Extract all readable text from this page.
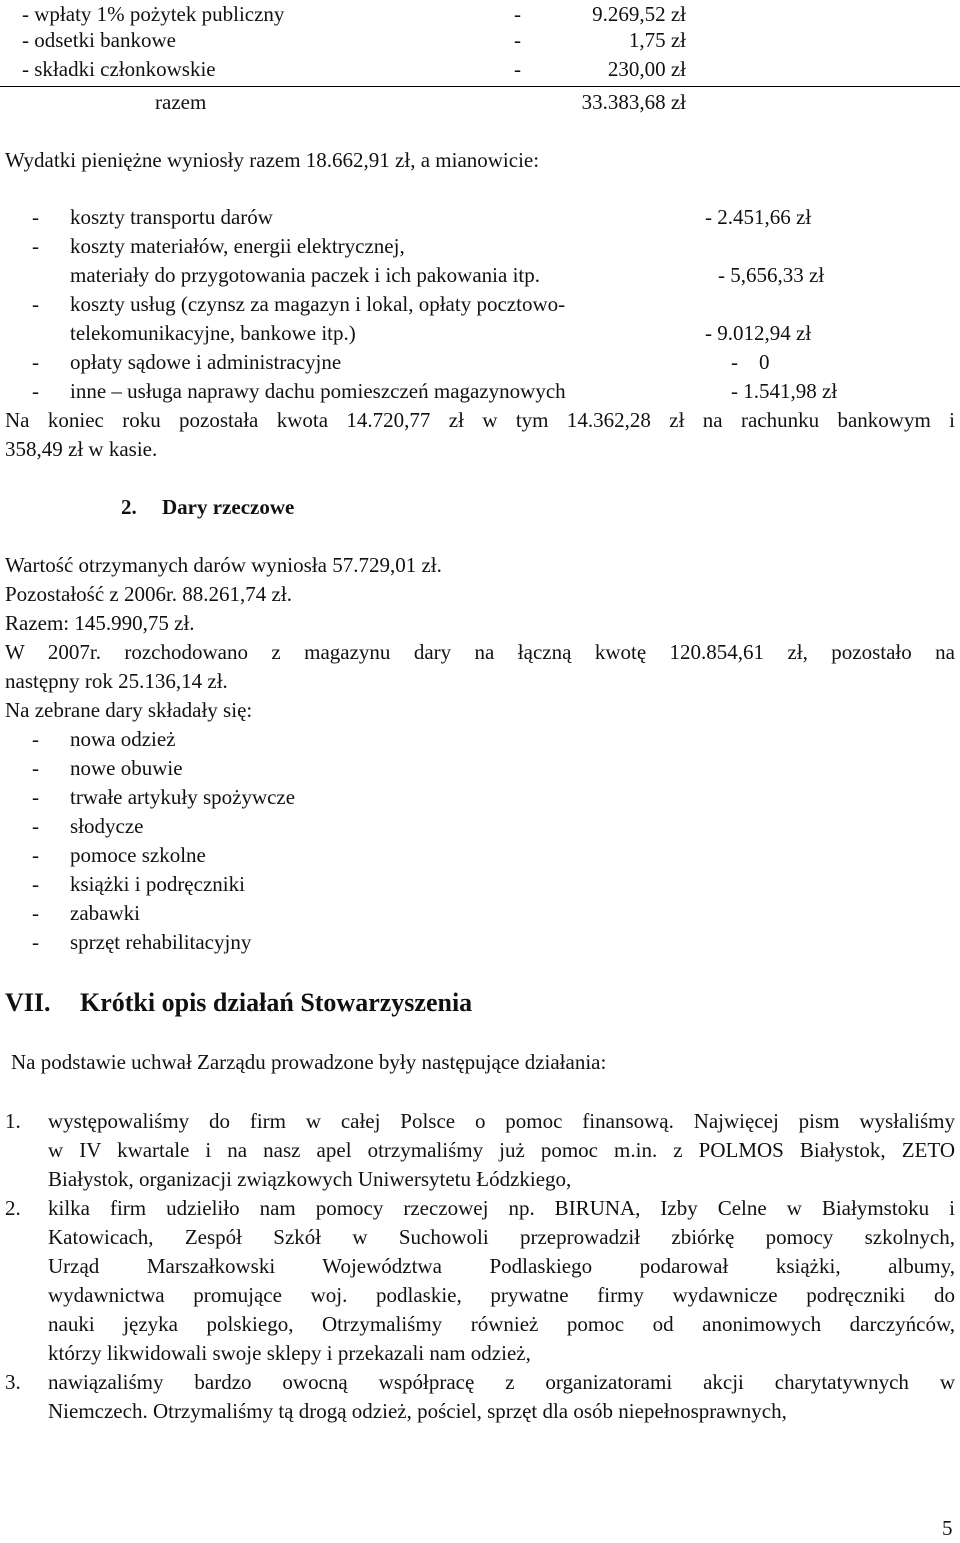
- wpłaty 1% pożytek publiczny	-	9.269,52 zł
- odsetki bankowe	-	1,75 zł
- składki członkowskie	-	230,00 zł
razem	33.383,68 zł
Wydatki pieniężne wyniosły razem 18.662,91 zł, a mianowicie:
- koszty transportu darów	- 2.451,66 zł
- koszty materiałów, energii elektrycznej,
materiały do przygotowania paczek i ich pakowania itp.	- 5,656,33 zł
- koszty usług (czynsz za magazyn i lokal, opłaty pocztowo-
telekomunikacyjne, bankowe itp.)	- 9.012,94 zł
- opłaty sądowe i administracyjne	-    0
- inne – usługa naprawy dachu pomieszczeń magazynowych	- 1.541,98 zł
Na koniec roku pozostała kwota 14.720,77 zł w tym 14.362,28 zł na rachunku bankowym i
358,49 zł w kasie.
2. Dary rzeczowe
Wartość otrzymanych darów wyniosła 57.729,01 zł.
Pozostałość z 2006r. 88.261,74 zł.
Razem: 145.990,75 zł.
W 2007r. rozchodowano z magazynu dary na łączną kwotę 120.854,61 zł, pozostało na
następny rok 25.136,14 zł.
Na zebrane dary składały się:
- nowa odzież
- nowe obuwie
- trwałe artykuły spożywcze
- słodycze
- pomoce szkolne
- książki i podręczniki
- zabawki
- sprzęt rehabilitacyjny
VII. Krótki opis działań Stowarzyszenia
Na podstawie uchwał Zarządu prowadzone były następujące działania:
1. występowaliśmy do firm w całej Polsce o pomoc finansową. Najwięcej pism wysłaliśmy
w IV kwartale i na nasz apel otrzymaliśmy już pomoc m.in. z POLMOS Białystok, ZETO
Białystok, organizacji związkowych Uniwersytetu Łódzkiego,
2. kilka firm udzieliło nam pomocy rzeczowej np. BIRUNA, Izby Celne w Białymstoku i
Katowicach, Zespół Szkół w Suchowoli przeprowadził zbiórkę pomocy szkolnych,
Urząd Marszałkowski Województwa Podlaskiego podarował książki, albumy,
wydawnictwa promujące woj. podlaskie, prywatne firmy wydawnicze podręczniki do
nauki języka polskiego, Otrzymaliśmy również pomoc od anonimowych darczyńców,
którzy likwidowali swoje sklepy i przekazali nam odzież,
3. nawiązaliśmy bardzo owocną współpracę z organizatorami akcji charytatywnych w
Niemczech. Otrzymaliśmy tą drogą odzież, pościel, sprzęt dla osób niepełnosprawnych,
5
